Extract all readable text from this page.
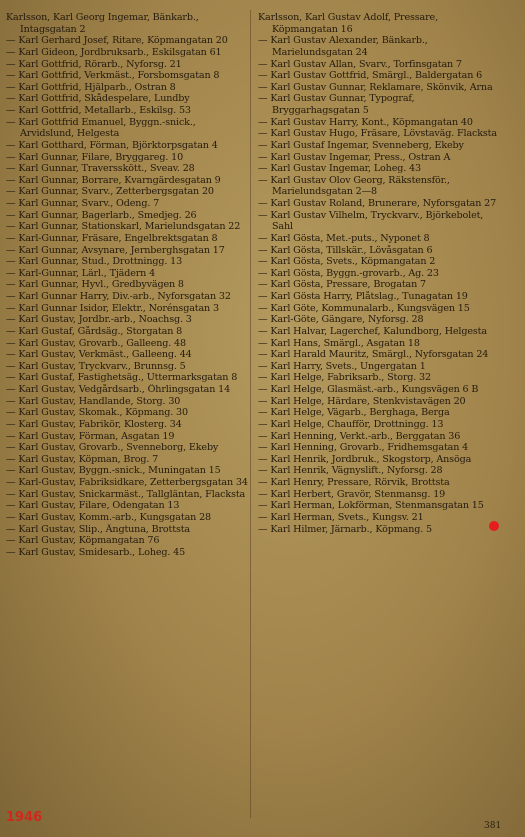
Karlsson, Karl Georg Ingemar, Bänkarb., Intagsgatan 2
— Karl Gerhard Josef, Ritare, Köpmangatan 20
— Karl Gideon, Jordbruksarb., Eskilsgatan 61
— Karl Gottfrid, Rörarb., Nyforsg. 21
— Karl Gottfrid, Verkmäst., Forsbomsgatan 8
— Karl Gottfrid, Hjälparb., Ostran 8
— Karl Gottfrid, Skådespelare, Lundby
— Karl Gottfrid, Metallarb., Eskilsg. 53
— Karl Gottfrid Emanuel, Byggn.-snick., Arvidslund, Helgesta
— Karl Gotthard, Förman, Björktorpsgatan 4
— Karl Gunnar, Filare, Bryggareg. 10
— Karl Gunnar, Traversskött., Sveav. 28
— Karl Gunnar, Borrare, Kvarngärdesgatan 9
— Karl Gunnar, Svarv., Zetterbergsgatan 20
— Karl Gunnar, Svarv., Odeng. 7
— Karl Gunnar, Bagerlarb., Smedjeg. 26
— Karl Gunnar, Stationskarl, Marielundsgatan 22
— Karl-Gunnar, Fräsare, Engelbrektsgatan 8
— Karl Gunnar, Avsynare, Jernberghsgatan 17
— Karl Gunnar, Stud., Drottningg. 13
— Karl-Gunnar, Lärl., Tjädern 4
— Karl Gunnar, Hyvl., Gredbyvägen 8
— Karl Gunnar Harry, Div.-arb., Nyforsgatan 32
— Karl Gunnar Isidor, Elektr., Norénsgatan 3
— Karl Gustav, Jordbr.-arb., Noachsg. 3
— Karl Gustaf, Gårdsäg., Storgatan 8
— Karl Gustav, Grovarb., Galleeng. 48
— Karl Gustav, Verkmäst., Galleeng. 44
— Karl Gustav, Tryckvarv., Brunnsg. 5
— Karl Gustaf, Fastighetsäg., Uttermarksgatan 8
— Karl Gustav, Vedgårdsarb., Öhrlingsgatan 14
— Karl Gustav, Handlande, Storg. 30
— Karl Gustav, Skomak., Köpmang. 30
— Karl Gustav, Fabrikör, Klosterg. 34
— Karl Gustav, Förman, Asgatan 19
— Karl Gustav, Grovarb., Svenneborg, Ekeby
— Karl Gustav, Köpman, Brog. 7
— Karl Gustav, Byggn.-snick., Muningatan 15
— Karl-Gustav, Fabriksidkare, Zetterbergsgatan 34
— Karl Gustav, Snickarmäst., Tallgläntan, Flacksta
— Karl Gustav, Filare, Odengatan 13
— Karl Gustav, Komm.-arb., Kungsgatan 28
— Karl Gustav, Slip., Ängtuna, Brottsta
— Karl Gustav, Köpmangatan 76
— Karl Gustav, Smidesarb., Loheg. 45
Karlsson, Karl Gustav Adolf, Pressare, Köpmangatan 16
— Karl Gustav Alexander, Bänkarb., Marielundsgatan 24
— Karl Gustav Allan, Svarv., Torfinsgatan 7
— Karl Gustav Gottfrid, Smärgl., Baldergatan 6
— Karl Gustav Gunnar, Reklamare, Skönvik, Arna
— Karl Gustav Gunnar, Typograf, Bryggarhagsgatan 5
— Karl Gustav Harry, Kont., Köpmangatan 40
— Karl Gustav Hugo, Fräsare, Lövstaväg. Flacksta
— Karl Gustaf Ingemar, Svenneberg, Ekeby
— Karl Gustav Ingemar, Press., Ostran A
— Karl Gustav Ingemar, Loheg. 43
— Karl Gustav Olov Georg, Räkstensför., Marielundsgatan 2—8
— Karl Gustav Roland, Brunerare, Nyforsgatan 27
— Karl Gustav Vilhelm, Tryckvarv., Björkebolet, Sahl
— Karl Gösta, Met.-puts., Nyponet 8
— Karl Gösta, Tillskär., Lövåsgatan 6
— Karl Gösta, Svets., Köpmangatan 2
— Karl Gösta, Byggn.-grovarb., Ag. 23
— Karl Gösta, Pressare, Brogatan 7
— Karl Gösta Harry, Plåtslag., Tunagatan 19
— Karl Göte, Kommunalarb., Kungsvägen 15
— Karl-Göte, Gängare, Nyforsg. 28
— Karl Halvar, Lagerchef, Kalundborg, Helgesta
— Karl Hans, Smärgl., Asgatan 18
— Karl Harald Mauritz, Smärgl., Nyforsgatan 24
— Karl Harry, Svets., Ungergatan 1
— Karl Helge, Fabriksarb., Storg. 32
— Karl Helge, Glasmäst.-arb., Kungsvägen 6 B
— Karl Helge, Härdare, Stenkvistavägen 20
— Karl Helge, Vägarb., Berghaga, Berga
— Karl Helge, Chaufför, Drottningg. 13
— Karl Henning, Verkt.-arb., Berggatan 36
— Karl Henning, Grovarb., Fridhemsgatan 4
— Karl Henrik, Jordbruk., Skogstorp, Ansöga
— Karl Henrik, Vägnyslift., Nyforsg. 28
— Karl Henry, Pressare, Rörvik, Brottsta
— Karl Herbert, Gravör, Stenmansg. 19
— Karl Herman, Lokförman, Stenmansgatan 15
— Karl Herman, Svets., Kungsv. 21
— Karl Hilmer, Järnarb., Köpmang. 5
1946
381
